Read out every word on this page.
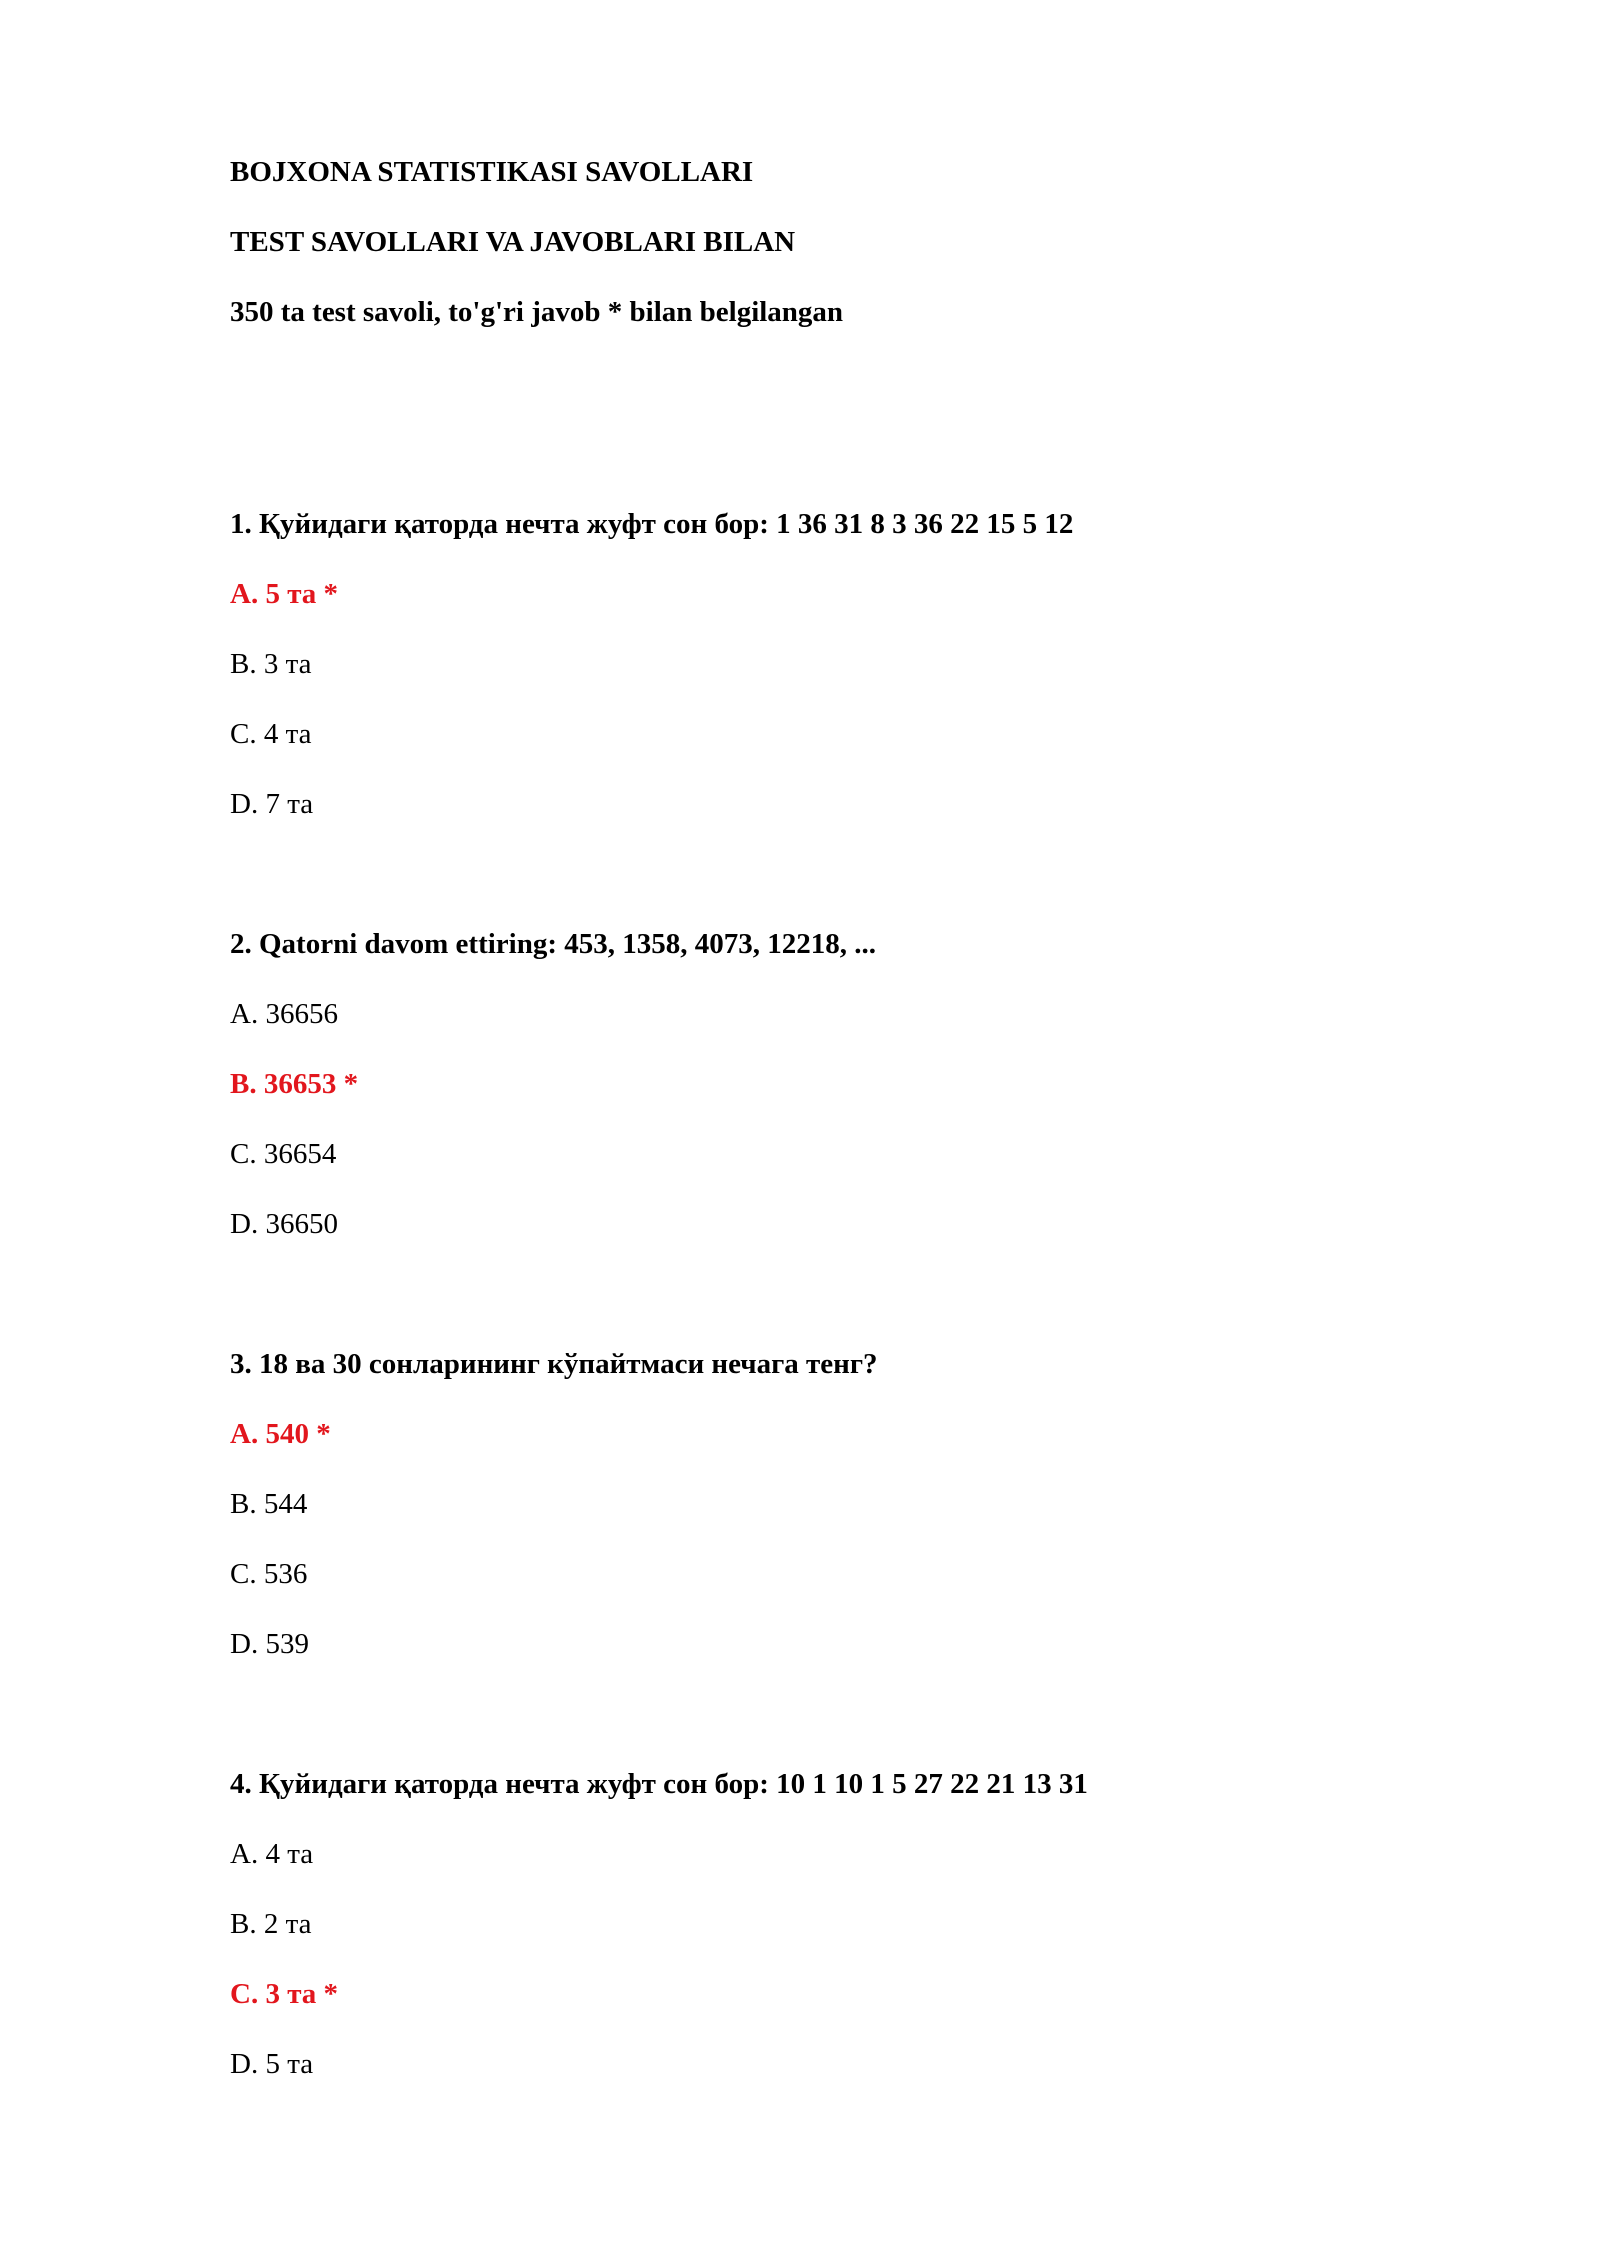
BOJXONA STATISTIKASI SAVOLLARI
TEST SAVOLLARI VA JAVOBLARI BILAN
350 ta test savoli, to'g'ri javob * bilan belgilangan
1. Қуйидаги қаторда нечта жуфт сон бор: 1 36 31 8 3 36 22 15 5 12
A. 5 та *
B. 3 та
C. 4 та
D. 7 та
2. Qatorni davom ettiring: 453, 1358, 4073, 12218, ...
A. 36656
B. 36653 *
C. 36654
D. 36650
3. 18 ва 30 сонларининг кўпайтмаси нечага тенг?
A. 540 *
B. 544
C. 536
D. 539
4. Қуйидаги қаторда нечта жуфт сон бор: 10 1 10 1 5 27 22 21 13 31
A. 4 та
B. 2 та
C. 3 та *
D. 5 та
